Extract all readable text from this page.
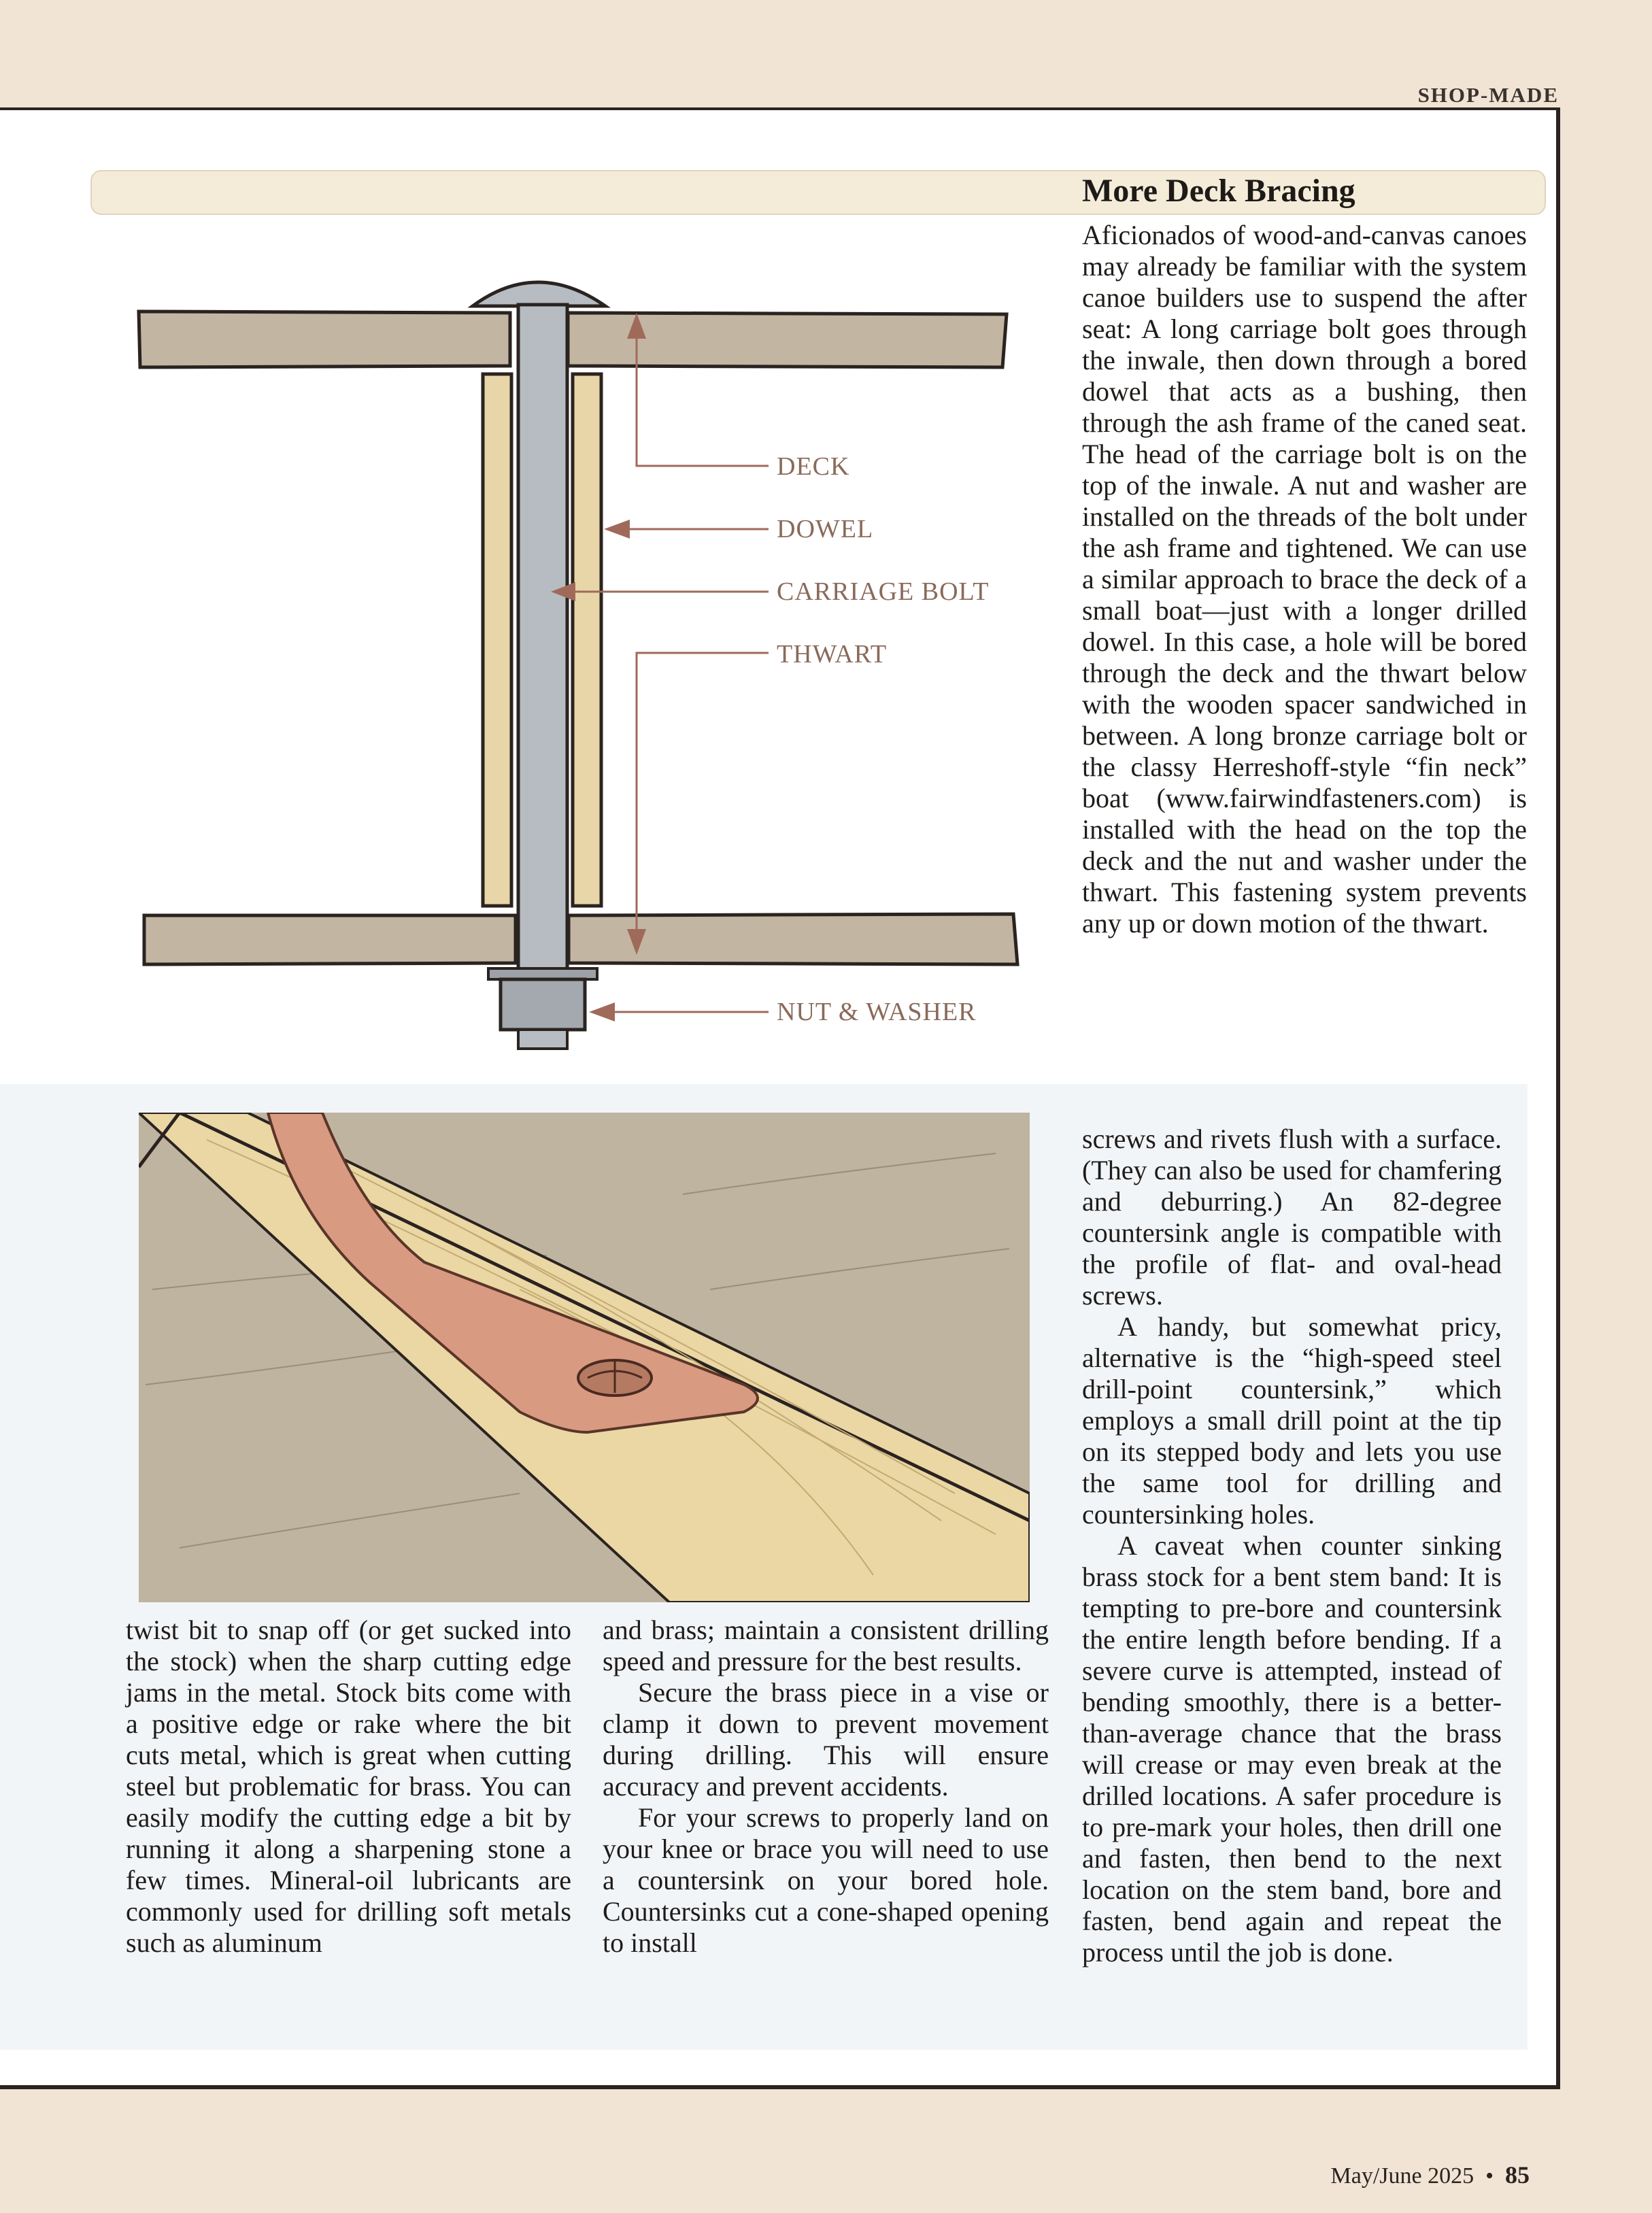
SHOP-MADE
More Deck Bracing

Aficionados of wood-and-canvas canoes may already be familiar with the system canoe builders use to suspend the after seat: A long carriage bolt goes through the inwale, then down through a bored dowel that acts as a bushing, then through the ash frame of the caned seat. The head of the carriage bolt is on the top of the inwale. A nut and washer are installed on the threads of the bolt under the ash frame and tightened. We can use a similar approach to brace the deck of a small boat—just with a longer drilled dowel. In this case, a hole will be bored through the deck and the thwart below with the wooden spacer sandwiched in between. A long bronze carriage bolt or the classy Herreshoff-style “fin neck” boat (www.fairwindfasteners.com) is installed with the head on the top the deck and the nut and washer under the thwart. This fastening system prevents any up or down motion of the thwart.

DECK
DOWEL
CARRIAGE BOLT
THWART
NUT & WASHER

twist bit to snap off (or get sucked into the stock) when the sharp cutting edge jams in the metal. Stock bits come with a positive edge or rake where the bit cuts metal, which is great when cutting steel but problematic for brass. You can easily modify the cutting edge a bit by running it along a sharpening stone a few times. Mineral-oil lubricants are commonly used for drilling soft metals such as aluminum

and brass; maintain a consistent drilling speed and pressure for the best results.

Secure the brass piece in a vise or clamp it down to prevent movement during drilling. This will ensure accuracy and prevent accidents.

For your screws to properly land on your knee or brace you will need to use a countersink on your bored hole. Countersinks cut a cone-shaped opening to install

screws and rivets flush with a surface. (They can also be used for chamfering and deburring.) An 82-degree countersink angle is compatible with the profile of flat- and oval-head screws.

A handy, but somewhat pricy, alternative is the “high-speed steel drill-point countersink,” which employs a small drill point at the tip on its stepped body and lets you use the same tool for drilling and countersinking holes.

A caveat when counter sinking brass stock for a bent stem band: It is tempting to pre-bore and countersink the entire length before bending. If a severe curve is attempted, instead of bending smoothly, there is a better-than-average chance that the brass will crease or may even break at the drilled locations. A safer procedure is to pre-mark your holes, then drill one and fasten, then bend to the next location on the stem band, bore and fasten, bend again and repeat the process until the job is done.

May/June 2025 • 85
